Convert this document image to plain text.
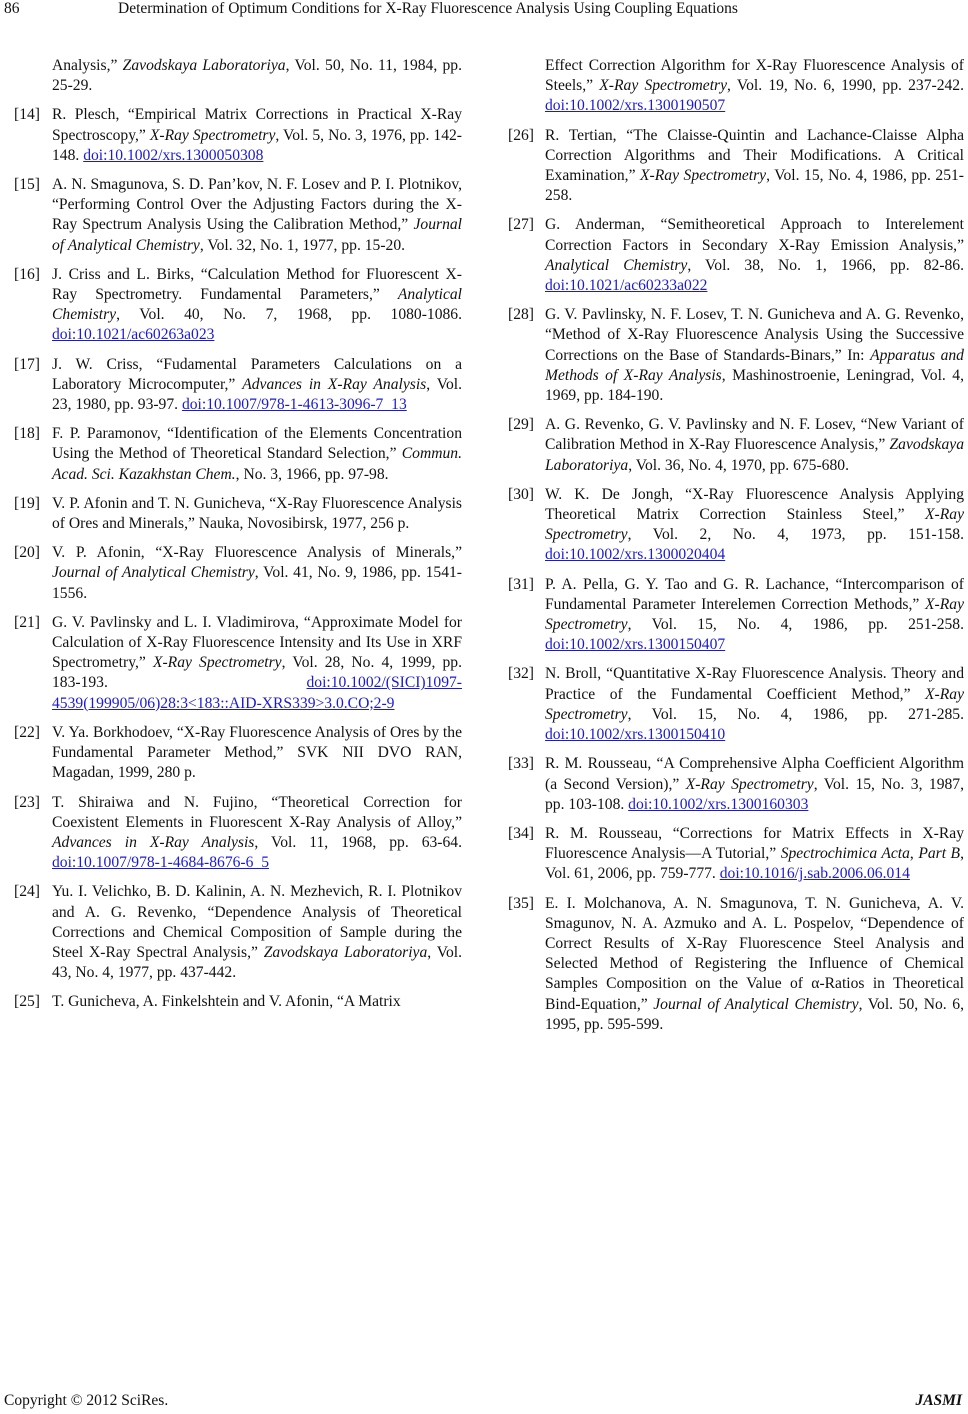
86	Determination of Optimum Conditions for X-Ray Fluorescence Analysis Using Coupling Equations
Analysis,” Zavodskaya Laboratoriya, Vol. 50, No. 11, 1984, pp. 25-29.
[14] R. Plesch, “Empirical Matrix Corrections in Practical X-Ray Spectroscopy,” X-Ray Spectrometry, Vol. 5, No. 3, 1976, pp. 142-148. doi:10.1002/xrs.1300050308
[15] A. N. Smagunova, S. D. Pan’kov, N. F. Losev and P. I. Plotnikov, “Performing Control Over the Adjusting Factors during the X-Ray Spectrum Analysis Using the Calibration Method,” Journal of Analytical Chemistry, Vol. 32, No. 1, 1977, pp. 15-20.
[16] J. Criss and L. Birks, “Calculation Method for Fluorescent X-Ray Spectrometry. Fundamental Parameters,” Analytical Chemistry, Vol. 40, No. 7, 1968, pp. 1080-1086. doi:10.1021/ac60263a023
[17] J. W. Criss, “Fudamental Parameters Calculations on a Laboratory Microcomputer,” Advances in X-Ray Analysis, Vol. 23, 1980, pp. 93-97. doi:10.1007/978-1-4613-3096-7_13
[18] F. P. Paramonov, “Identification of the Elements Concentration Using the Method of Theoretical Standard Selection,” Commun. Acad. Sci. Kazakhstan Chem., No. 3, 1966, pp. 97-98.
[19] V. P. Afonin and T. N. Gunicheva, “X-Ray Fluorescence Analysis of Ores and Minerals,” Nauka, Novosibirsk, 1977, 256 p.
[20] V. P. Afonin, “X-Ray Fluorescence Analysis of Minerals,” Journal of Analytical Chemistry, Vol. 41, No. 9, 1986, pp. 1541-1556.
[21] G. V. Pavlinsky and L. I. Vladimirova, “Approximate Model for Calculation of X-Ray Fluorescence Intensity and Its Use in XRF Spectrometry,” X-Ray Spectrometry, Vol. 28, No. 4, 1999, pp. 183-193. doi:10.1002/(SICI)1097-4539(199905/06)28:3<183::AID-XRS339>3.0.CO;2-9
[22] V. Ya. Borkhodoev, “X-Ray Fluorescence Analysis of Ores by the Fundamental Parameter Method,” SVK NII DVO RAN, Magadan, 1999, 280 p.
[23] T. Shiraiwa and N. Fujino, “Theoretical Correction for Coexistent Elements in Fluorescent X-Ray Analysis of Alloy,” Advances in X-Ray Analysis, Vol. 11, 1968, pp. 63-64. doi:10.1007/978-1-4684-8676-6_5
[24] Yu. I. Velichko, B. D. Kalinin, A. N. Mezhevich, R. I. Plotnikov and A. G. Revenko, “Dependence Analysis of Theoretical Corrections and Chemical Composition of Sample during the Steel X-Ray Spectral Analysis,” Zavodskaya Laboratoriya, Vol. 43, No. 4, 1977, pp. 437-442.
[25] T. Gunicheva, A. Finkelshtein and V. Afonin, “A Matrix
Effect Correction Algorithm for X-Ray Fluorescence Analysis of Steels,” X-Ray Spectrometry, Vol. 19, No. 6, 1990, pp. 237-242. doi:10.1002/xrs.1300190507
[26] R. Tertian, “The Claisse-Quintin and Lachance-Claisse Alpha Correction Algorithms and Their Modifications. A Critical Examination,” X-Ray Spectrometry, Vol. 15, No. 4, 1986, pp. 251-258.
[27] G. Anderman, “Semitheoretical Approach to Interelement Correction Factors in Secondary X-Ray Emission Analysis,” Analytical Chemistry, Vol. 38, No. 1, 1966, pp. 82-86. doi:10.1021/ac60233a022
[28] G. V. Pavlinsky, N. F. Losev, T. N. Gunicheva and A. G. Revenko, “Method of X-Ray Fluorescence Analysis Using the Successive Corrections on the Base of Standards-Binars,” In: Apparatus and Methods of X-Ray Analysis, Mashinostroenie, Leningrad, Vol. 4, 1969, pp. 184-190.
[29] A. G. Revenko, G. V. Pavlinsky and N. F. Losev, “New Variant of Calibration Method in X-Ray Fluorescence Analysis,” Zavodskaya Laboratoriya, Vol. 36, No. 4, 1970, pp. 675-680.
[30] W. K. De Jongh, “X-Ray Fluorescence Analysis Applying Theoretical Matrix Correction Stainless Steel,” X-Ray Spectrometry, Vol. 2, No. 4, 1973, pp. 151-158. doi:10.1002/xrs.1300020404
[31] P. A. Pella, G. Y. Tao and G. R. Lachance, “Intercomparison of Fundamental Parameter Interelemen Correction Methods,” X-Ray Spectrometry, Vol. 15, No. 4, 1986, pp. 251-258. doi:10.1002/xrs.1300150407
[32] N. Broll, “Quantitative X-Ray Fluorescence Analysis. Theory and Practice of the Fundamental Coefficient Method,” X-Ray Spectrometry, Vol. 15, No. 4, 1986, pp. 271-285. doi:10.1002/xrs.1300150410
[33] R. M. Rousseau, “A Comprehensive Alpha Coefficient Algorithm (a Second Version),” X-Ray Spectrometry, Vol. 15, No. 3, 1987, pp. 103-108. doi:10.1002/xrs.1300160303
[34] R. M. Rousseau, “Corrections for Matrix Effects in X-Ray Fluorescence Analysis—A Tutorial,” Spectrochimica Acta, Part B, Vol. 61, 2006, pp. 759-777. doi:10.1016/j.sab.2006.06.014
[35] E. I. Molchanova, A. N. Smagunova, T. N. Gunicheva, A. V. Smagunov, N. A. Azmuko and A. L. Pospelov, “Dependence of Correct Results of X-Ray Fluorescence Steel Analysis and Selected Method of Registering the Influence of Chemical Samples Composition on the Value of α-Ratios in Theoretical Bind-Equation,” Journal of Analytical Chemistry, Vol. 50, No. 6, 1995, pp. 595-599.
Copyright © 2012 SciRes.	JASMI
